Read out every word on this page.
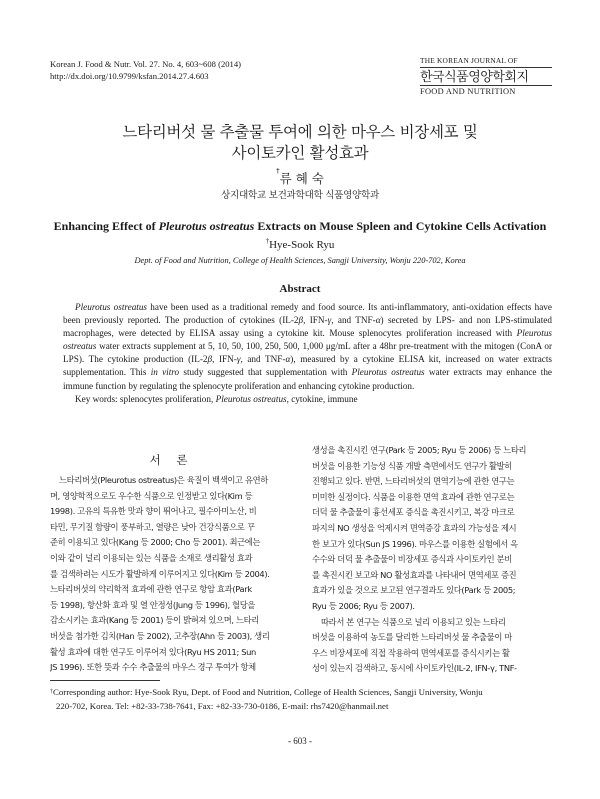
Korean J. Food & Nutr. Vol. 27. No. 4, 603~608 (2014)
http://dx.doi.org/10.9799/ksfan.2014.27.4.603
THE KOREAN JOURNAL OF
한국식품영양학회지
FOOD AND NUTRITION
느타리버섯 물 추출물 투여에 의한 마우스 비장세포 및
사이토카인 활성효과
†류 혜 숙
상지대학교 보건과학대학 식품영양학과
Enhancing Effect of Pleurotus ostreatus Extracts on Mouse Spleen and Cytokine Cells Activation
†Hye-Sook Ryu
Dept. of Food and Nutrition, College of Health Sciences, Sangji University, Wonju 220-702, Korea
Abstract

Pleurotus ostreatus have been used as a traditional remedy and food source. Its anti-inflammatory, anti-oxidation effects have been previously reported. The production of cytokines (IL-2β, IFN-γ, and TNF-α) secreted by LPS- and non LPS-stimulated macrophages, were detected by ELISA assay using a cytokine kit. Mouse splenocytes proliferation increased with Pleurotus ostreatus water extracts supplement at 5, 10, 50, 100, 250, 500, 1,000 μg/mL after a 48hr pre-treatment with the mitogen (ConA or LPS). The cytokine production (IL-2β, IFN-γ, and TNF-α), measured by a cytokine ELISA kit, increased on water extracts supplementation. This in vitro study suggested that supplementation with Pleurotus ostreatus water extracts may enhance the immune function by regulating the splenocyte proliferation and enhancing cytokine production.

Key words: splenocytes proliferation, Pleurotus ostreatus, cytokine, immune

서 론
느타리버섯(Pleurotus ostreatus)은 육질이 백색이고 유연하
며, 영양학적으로도 우수한 식품으로 인정받고 있다(Kim 등
1998). 고유의 특유한 맛과 향이 뛰어나고, 필수아미노산, 비
타민, 무기질 함량이 풍부하고, 열량은 낮아 건강식품으로 꾸
준히 이용되고 있다(Kang 등 2000; Cho 등 2001). 최근에는
이와 같이 널리 이용되는 있는 식품을 소재로 생리활성 효과
를 검색하려는 시도가 활발하게 이루어지고 있다(Kim 등 2004).
느타리버섯의 약리학적 효과에 관한 연구로 항암 효과(Park
등 1998), 항산화 효과 및 열 안정성(Jung 등 1996), 혈당을
감소시키는 효과(Kang 등 2001) 등이 밝혀져 있으며, 느타리
버섯을 첨가한 김치(Han 등 2002), 고추장(Ahn 등 2003), 생리
활성 효과에 대한 연구도 이루어져 있다(Ryu HS 2011; Sun
JS 1996). 또한 뜻과 수수 추출물의 마우스 경구 투여가 항체
생성을 촉진시킨 연구(Park 등 2005; Ryu 등 2006) 등 느타리
버섯을 이용한 기능성 식품 개발 측면에서도 연구가 활발히
진행되고 있다. 반면, 느타리버섯의 면역기능에 관한 연구는
미미한 실정이다. 식품을 이용한 면역 효과에 관한 연구로는
더덕 물 추출물이 흉선세포 증식을 촉진시키고, 복강 마크로
파지의 NO 생성을 억제시켜 면역증강 효과의 가능성을 제시
한 보고가 있다(Sun JS 1996). 마우스를 이용한 실험에서 옥
수수와 더덕 물 추출물이 비장세포 증식과 사이토카인 분비
를 촉진시킨 보고와 NO 활성효과를 나타내어 면역세포 증진
효과가 있을 것으로 보고된 연구결과도 있다(Park 등 2005;
Ryu 등 2006; Ryu 등 2007).
따라서 본 연구는 식품으로 널리 이용되고 있는 느타리
버섯을 이용하여 농도를 달리한 느타리버섯 물 추출물이 마
우스 비장세포에 직접 작용하여 면역세포를 증식시키는 활
성이 있는지 검색하고, 동시에 사이토카인(IL-2, IFN-γ, TNF-
†Corresponding author: Hye-Sook Ryu, Dept. of Food and Nutrition, College of Health Sciences, Sangji University, Wonju
220-702, Korea. Tel: +82-33-738-7641, Fax: +82-33-730-0186, E-mail: rhs7420@hanmail.net
- 603 -
